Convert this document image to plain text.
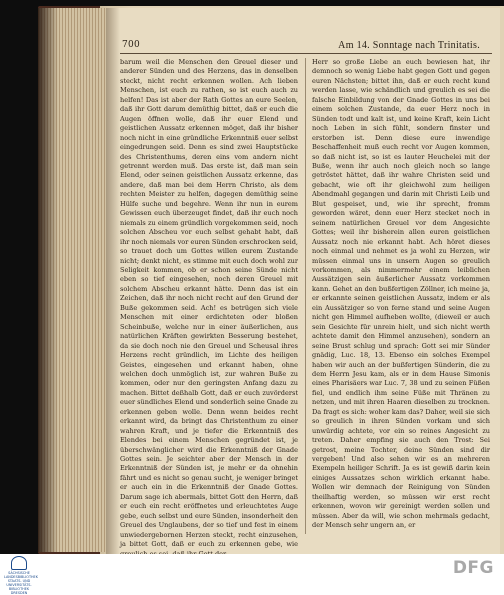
700	Am 14. Sonntage nach Trinitatis.

barum weil die Menschen den Greuel dieser und anderer Sünden und des Herzens, das in denselben steckt, nicht recht erkennen wollen. Ach lieben Menschen, ist euch zu rathen, so ist euch auch zu helfen! Das ist aber der Rath Gottes an eure Seelen, daß ihr Gott darum demüthig bittet, daß er euch die Augen öffnen wolle, daß ihr euer Elend und geistlichen Aussatz erkennen möget, daß ihr bisher noch nicht in eine gründliche Erkenntniß euer selbst eingedrungen seid. Denn es sind zwei Hauptstücke des Christenthums, deren eins vom andern nicht getrennt werden muß. Das erste ist, daß man sein Elend, oder seinen geistlichen Aussatz erkenne, das andere, daß man bei dem Herrn Christo, als dem rechten Meister zu helfen, dagegen demüthig seine Hülfe suche und begehre. Wenn ihr nun in eurem Gewissen euch überzeuget findet, daß ihr euch noch niemals zu einem gründlich vorgekommen seid, noch solchen Abscheu vor euch selbst gehabt habt, daß ihr noch niemals vor euren Sünden erschrocken seid, so trauet doch um Gottes willen eurem Zustande nicht; denkt nicht, es stimme mit euch doch wohl zur Seligkeit kommen, ob er schon seine Sünde nicht eben so tief eingesehen, noch deren Greuel mit solchem Abscheu erkannt hätte. Denn das ist ein Zeichen, daß ihr noch nicht recht auf den Grund der Buße gekommen seid. Ach! es betrügen sich viele Menschen mit einer erdichteten oder bloßen Scheinbuße, welche nur in einer äußerlichen, aus natürlichen Kräften gewirkten Besserung bestehet, da sie doch noch nie den Greuel und Scheusal ihres Herzens recht gründlich, im Lichte des heiligen Geistes, eingesehen und erkannt haben, ohne welchen doch unmöglich ist, zur wahren Buße zu kommen, oder nur den geringsten Anfang dazu zu machen. Bittet deßhalb Gott, daß er euch zuvörderst euer sündliches Elend und sonderlich seine Gnade zu erkennen geben wolle. Denn wenn beides recht erkannt wird, da bringt das Christenthum zu einer wahren Kraft, und je tiefer die Erkenntniß des Elendes bei einem Menschen gegründet ist, je überschwänglicher wird die Erkenntniß der Gnade Gottes sein. Je seichter aber der Mensch in der Erkenntniß der Sünden ist, je mehr er da ohnehin fährt und es nicht so genau sucht, je weniger bringet er auch ein in die Erkenntniß der Gnade Gottes. Darum sage ich abermals, bittet Gott den Herrn, daß er euch ein recht eröffnetes und erleuchtetes Auge gebe, euch selbst und eure Sünden, insonderheit den Greuel des Unglaubens, der so tief und fest in einem unwiedergebornen Herzen steckt, recht einzusehen, ja bittet Gott, daß er euch zu erkennen gebe, wie

Herr so große Liebe an euch bewiesen hat, ihr demnoch so wenig Liebe habt gegen Gott und gegen euren Nächsten; bittet ihn, daß er euch recht kund werden lasse, wie schändlich und greulich es sei die falsche Einbildung von der Gnade Gottes in uns bei einem solchen Zustande, da euer Herz noch in Sünden todt und kalt ist, und keine Kraft, kein Licht noch Leben in sich fühlt, sondern finster und erstorben ist. Denn diese eure inwendige Beschaffenheit muß euch recht vor Augen kommen, so daß nicht ist, so ist es lauter Heuchelei mit der Buße, wenn ihr auch noch gleich noch so lange getröstet hättet, daß ihr wahre Christen seid und gebacht, wie oft ihr gleichwohl zum heiligen Abendmahl gegangen und darin mit Christi Leib und Blut gespeiset, und, wie ihr sprecht, fromm geworden wäret, denn euer Herz stecket noch in seinem natürlichen Greuel vor dem Angesichte Gottes; weil ihr bisherein allen euren geistlichen Aussatz noch nie erkannt habt. Ach höret dieses noch einmal und nehmet es ja wohl zu Herzen, wir müssen einmal uns in unsern Augen so greulich vorkommen, als nimmermehr einem leiblichen Aussätzigen sein äußerlicher Aussatz vorkommen kann. Gehet an den bußfertigen Zöllner, ich meine ja, er erkannte seinen geistlichen Aussatz, indem er als ein Aussätziger so von ferne stand und seine Augen nicht gen Himmel aufheben wollte, (dieweil er auch sein Gesichte für unrein hielt, und sich nicht werth achtete damit den Himmel anzusehen), sondern an seine Brust schlug und sprach: Gott sei mir Sünder gnädig, Luc. 18, 13. Ebenso ein solches Exempel haben wir auch an der bußfertigen Sünderin, die zu dem Herrn Jesu kam, als er in dem Hause Simonis eines Pharisäers war Luc. 7, 38 und zu seinen Füßen fiel, und endlich ihm seine Füße mit Thränen zu netzen, und mit ihren Haaren dieselben zu trocknen. Da fragt es sich: woher kam das? Daher, weil sie sich so greulich in ihren Sünden vorkam und sich unwürdig achtete, vor ein so reines Angesicht zu treten. Daher empfing sie auch den Trost: Sei getrost, meine Tochter, deine Sünden sind dir vergeben! Und also sehen wir es an mehreren Exempeln heiliger Schrift. Ja es ist gewiß darin kein einiges Aussatzes schon wirklich erkannt habe. Wollen wir demnach der Reinigung von Sünden theilhaftig werden, so müssen wir erst recht erkennen, wovon wir gereinigt werden sollen und müssen. Aber da will, wie schon mehrmals gedacht, der Mensch sehr ungern an, er

SÄCHSISCHE LANDESBIBLIOTHEK STAATS- UND UNIVERSITÄTS- BIBLIOTHEK DRESDEN
DFG
